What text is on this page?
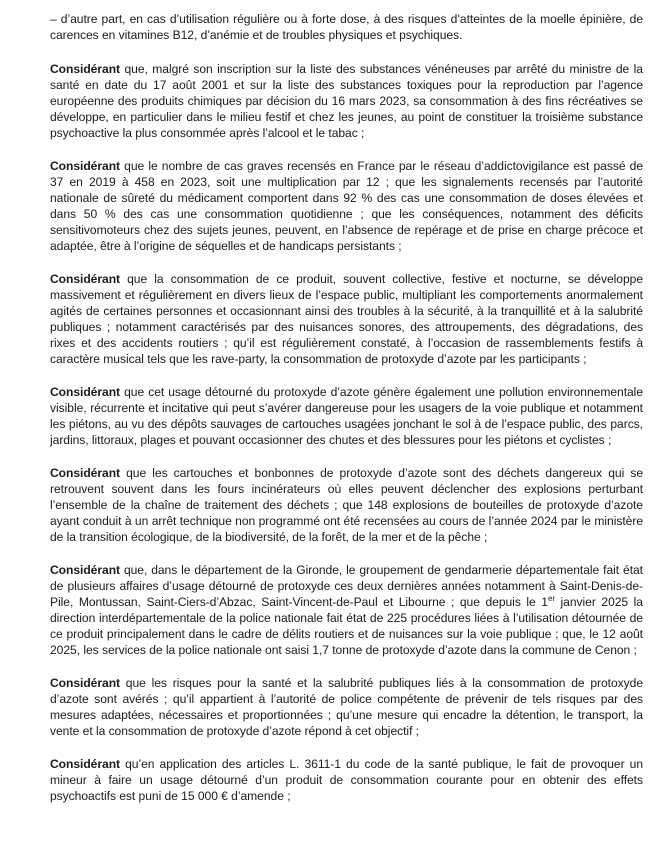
– d’autre part, en cas d’utilisation régulière ou à forte dose, à des risques d’atteintes de la moelle épinière, de carences en vitamines B12, d’anémie et de troubles physiques et psychiques.

Considérant que, malgré son inscription sur la liste des substances vénéneuses par arrêté du ministre de la santé en date du 17 août 2001 et sur la liste des substances toxiques pour la reproduction par l’agence européenne des produits chimiques par décision du 16 mars 2023, sa consommation à des fins récréatives se développe, en particulier dans le milieu festif et chez les jeunes, au point de constituer la troisième substance psychoactive la plus consommée après l’alcool et le tabac ;

Considérant que le nombre de cas graves recensés en France par le réseau d’addictovigilance est passé de 37 en 2019 à 458 en 2023, soit une multiplication par 12 ; que les signalements recensés par l’autorité nationale de sûreté du médicament comportent dans 92 % des cas une consommation de doses élevées et dans 50 % des cas une consommation quotidienne ; que les conséquences, notamment des déficits sensitivomoteurs chez des sujets jeunes, peuvent, en l’absence de repérage et de prise en charge précoce et adaptée, être à l’origine de séquelles et de handicaps persistants ;

Considérant que la consommation de ce produit, souvent collective, festive et nocturne, se développe massivement et régulièrement en divers lieux de l’espace public, multipliant les comportements anormalement agités de certaines personnes et occasionnant ainsi des troubles à la sécurité, à la tranquillité et à la salubrité publiques ; notamment caractérisés par des nuisances sonores, des attroupements, des dégradations, des rixes et des accidents routiers ; qu’il est régulièrement constaté, à l’occasion de rassemblements festifs à caractère musical tels que les rave-party, la consommation de protoxyde d’azote par les participants ;

Considérant que cet usage détourné du protoxyde d’azote génère également une pollution environnementale visible, récurrente et incitative qui peut s’avérer dangereuse pour les usagers de la voie publique et notamment les piétons, au vu des dépôts sauvages de cartouches usagées jonchant le sol à de l’espace public, des parcs, jardins, littoraux, plages et pouvant occasionner des chutes et des blessures pour les piétons et cyclistes ;

Considérant que les cartouches et bonbonnes de protoxyde d’azote sont des déchets dangereux qui se retrouvent souvent dans les fours incinérateurs où elles peuvent déclencher des explosions perturbant l’ensemble de la chaîne de traitement des déchets ; que 148 explosions de bouteilles de protoxyde d’azote ayant conduit à un arrêt technique non programmé ont été recensées au cours de l’année 2024 par le ministère de la transition écologique, de la biodiversité, de la forêt, de la mer et de la pêche ;

Considérant que, dans le département de la Gironde, le groupement de gendarmerie départementale fait état de plusieurs affaires d’usage détourné de protoxyde ces deux dernières années notamment à Saint-Denis-de-Pile, Montussan, Saint-Ciers-d’Abzac, Saint-Vincent-de-Paul et Libourne ; que depuis le 1er janvier 2025 la direction interdépartementale de la police nationale fait état de 225 procédures liées à l’utilisation détournée de ce produit principalement dans le cadre de délits routiers et de nuisances sur la voie publique ; que, le 12 août 2025, les services de la police nationale ont saisi 1,7 tonne de protoxyde d’azote dans la commune de Cenon ;

Considérant que les risques pour la santé et la salubrité publiques liés à la consommation de protoxyde d’azote sont avérés ; qu’il appartient à l’autorité de police compétente de prévenir de tels risques par des mesures adaptées, nécessaires et proportionnées ; qu’une mesure qui encadre la détention, le transport, la vente et la consommation de protoxyde d’azote répond à cet objectif ;

Considérant qu’en application des articles L. 3611-1 du code de la santé publique, le fait de provoquer un mineur à faire un usage détourné d’un produit de consommation courante pour en obtenir des effets psychoactifs est puni de 15 000 € d’amende ;
